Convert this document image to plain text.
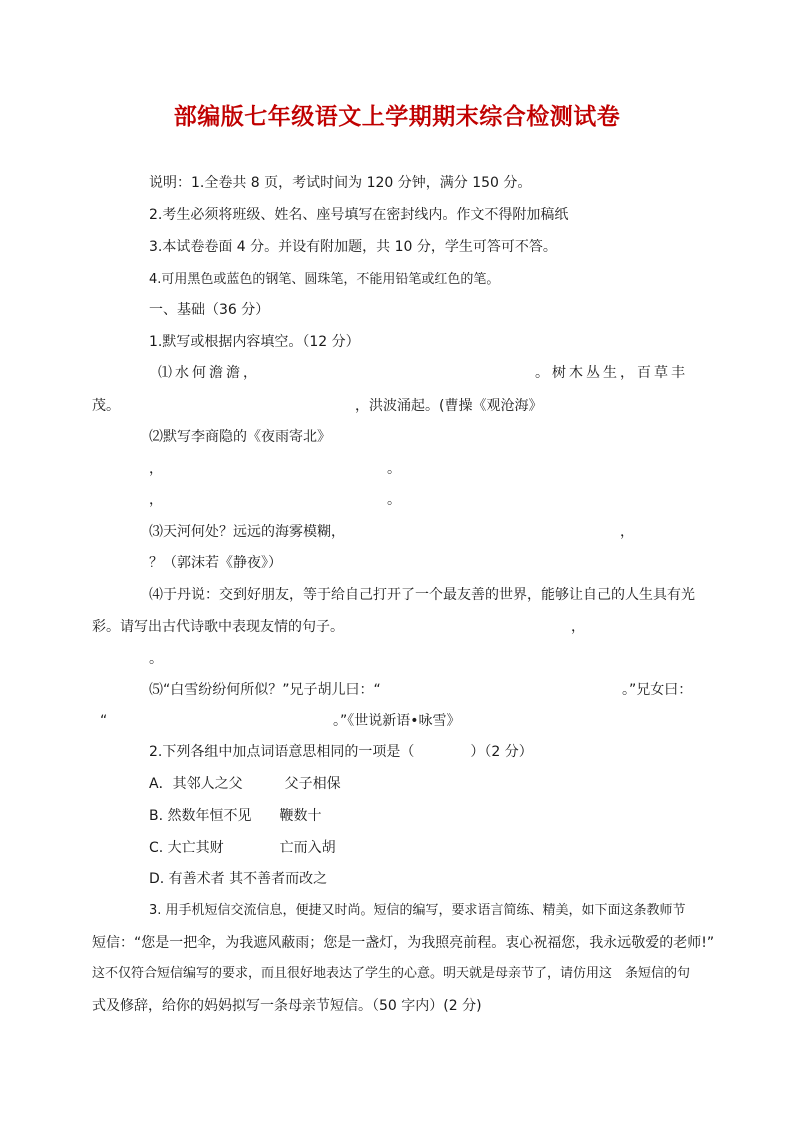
部编版七年级语文上学期期末综合检测试卷
说明：1.全卷共 8 页，考试时间为 120 分钟，满分 150 分。
2.考生必须将班级、姓名、座号填写在密封线内。作文不得附加稿纸
3.本试卷卷面 4 分。并设有附加题，共 10 分，学生可答可不答。
4.可用黑色或蓝色的钢笔、圆珠笔，不能用铅笔或红色的笔。
一、基础（36 分）
1.默写或根据内容填空。（12 分）
⑴水何澹澹，	。树木丛生，百草丰
茂。	，洪波涌起。(曹操《观沧海》
⑵默写李商隐的《夜雨寄北》
，	。
，	。
⑶天河何处？远远的海雾模糊，	，
？（郭沫若《静夜》）
⑷于丹说：交到好朋友，等于给自己打开了一个最友善的世界，能够让自己的人生具有光
彩。请写出古代诗歌中表现友情的句子。	，
。
⑸“白雪纷纷何所似？”兄子胡儿曰：“	。”兄女曰：
“	。”《世说新语•咏雪》
2.下列各组中加点词语意思相同的一项是（　　　　）（2 分）
A．其邻人之父　　　父子相保
B. 然数年恒不见　　鞭数十
C. 大亡其财　　　　亡而入胡
D. 有善术者 其不善者而改之
3. 用手机短信交流信息，便捷又时尚。短信的编写，要求语言简练、精美，如下面这条教师节
短信：“您是一把伞，为我遮风蔽雨；您是一盏灯，为我照亮前程。衷心祝福您，我永远敬爱的老师!”
这不仅符合短信编写的要求，而且很好地表达了学生的心意。明天就是母亲节了，请仿用这　条短信的句
式及修辞，给你的妈妈拟写一条母亲节短信。（50 字内）(2 分)
